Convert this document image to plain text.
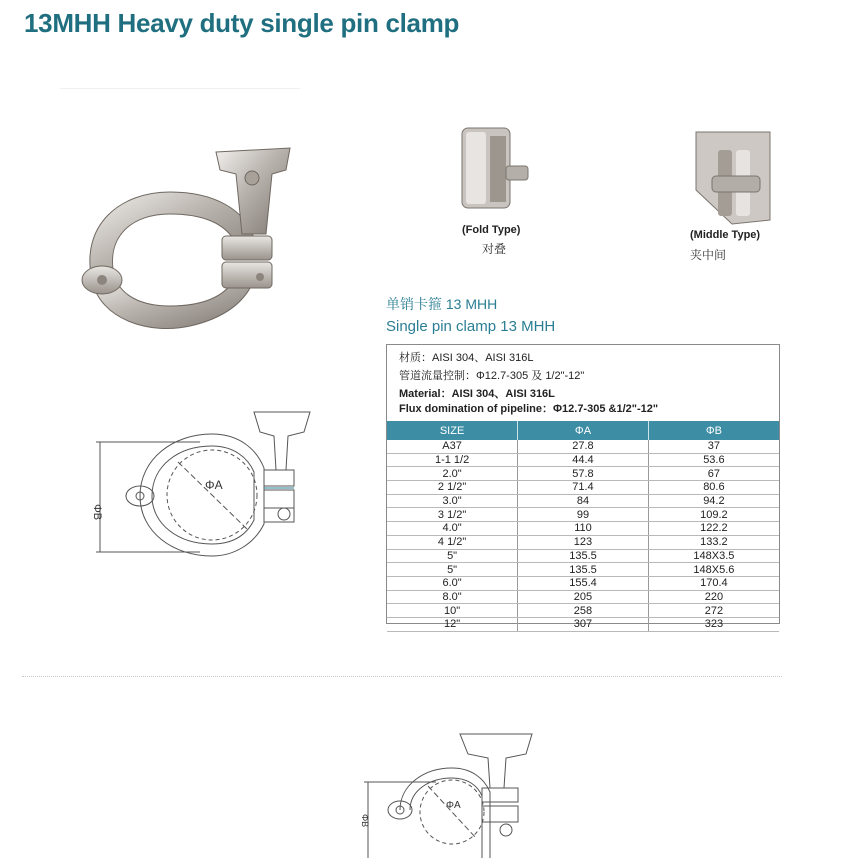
13MHH Heavy duty single pin clamp
(Fold Type)
对叠
(Middle Type)
夹中间
单销卡箍 13 MHH
Single pin clamp 13 MHH
材质：AISI 304、AISI 316L
管道流量控制：Φ12.7-305 及 1/2"-12"
Material：AISI 304、AISI 316L
Flux domination of pipeline：Φ12.7-305 &1/2"-12"
SIZE	ΦA	ΦB
A37	27.8	37
1-1 1/2	44.4	53.6
2.0"	57.8	67
2 1/2"	71.4	80.6
3.0"	84	94.2
3 1/2"	99	109.2
4.0"	110	122.2
4 1/2"	123	133.2
5"	135.5	148X3.5
5"	135.5	148X5.6
6.0"	155.4	170.4
8.0"	205	220
10"	258	272
12"	307	323
ΦA
ΦB
ΦA
ΦB
